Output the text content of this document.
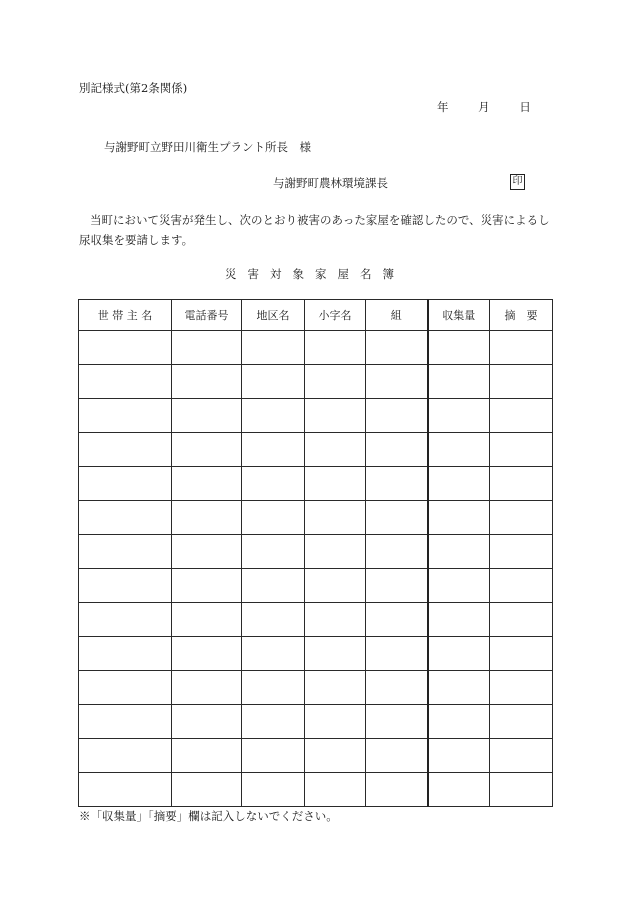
別記様式(第2条関係)
年	月	日
与謝野町立野田川衛生プラント所長　様
与謝野町農林環境課長	印
当町において災害が発生し、次のとおり被害のあった家屋を確認したので、災害によるし尿収集を要請します。
災害対象家屋名簿
世 帯 主 名	電話番号	地区名	小字名	組	収集量	摘　要

※「収集量」「摘要」欄は記入しないでください。
